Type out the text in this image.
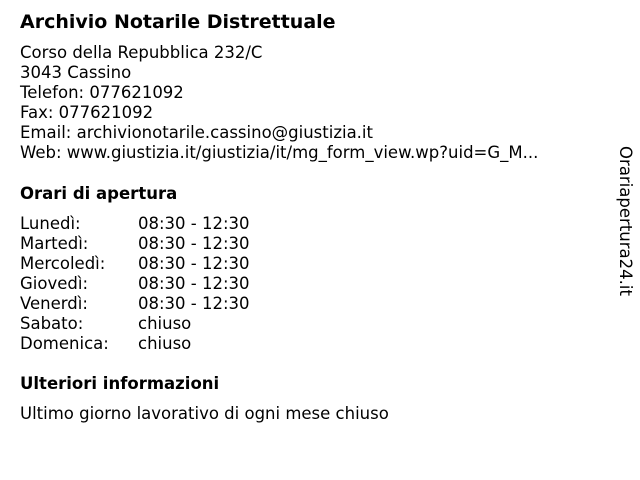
Archivio Notarile Distrettuale
Corso della Repubblica 232/C
3043 Cassino
Telefon: 077621092
Fax: 077621092
Email: archivionotarile.cassino@giustizia.it
Web: www.giustizia.it/giustizia/it/mg_form_view.wp?uid=G_M...
Orari di apertura
Lunedì:	08:30 - 12:30
Martedì:	08:30 - 12:30
Mercoledì: 08:30 - 12:30
Giovedì:	08:30 - 12:30
Venerdì:	08:30 - 12:30
Sabato:	chiuso
Domenica: chiuso
Ulteriori informazioni
Ultimo giorno lavorativo di ogni mese chiuso
Orariapertura24.it
